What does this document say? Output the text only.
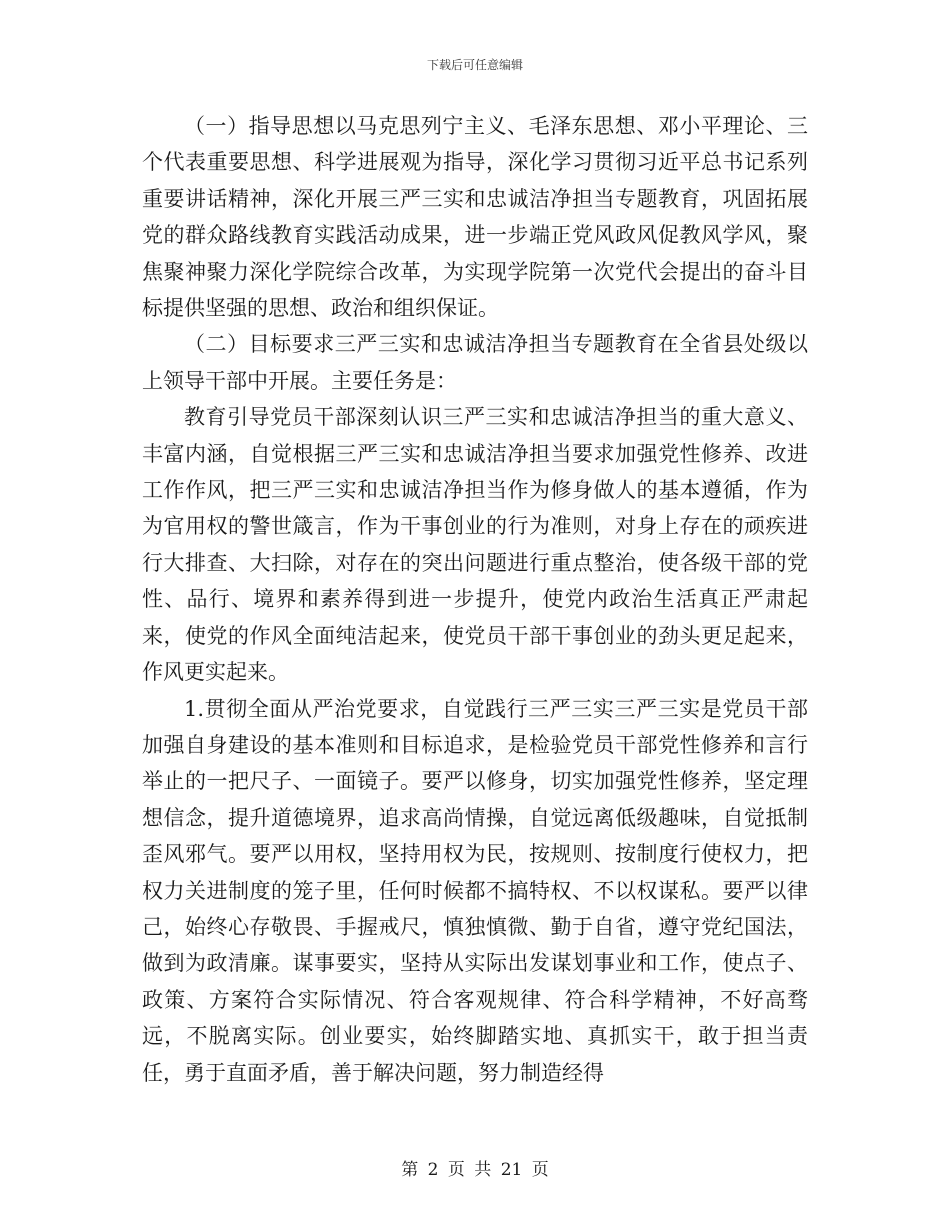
下载后可任意编辑

（一）指导思想以马克思列宁主义、毛泽东思想、邓小平理论、三个代表重要思想、科学进展观为指导，深化学习贯彻习近平总书记系列重要讲话精神，深化开展三严三实和忠诚洁净担当专题教育，巩固拓展党的群众路线教育实践活动成果，进一步端正党风政风促教风学风，聚焦聚神聚力深化学院综合改革，为实现学院第一次党代会提出的奋斗目标提供坚强的思想、政治和组织保证。

（二）目标要求三严三实和忠诚洁净担当专题教育在全省县处级以上领导干部中开展。主要任务是：

教育引导党员干部深刻认识三严三实和忠诚洁净担当的重大意义、丰富内涵，自觉根据三严三实和忠诚洁净担当要求加强党性修养、改进工作作风，把三严三实和忠诚洁净担当作为修身做人的基本遵循，作为为官用权的警世箴言，作为干事创业的行为准则，对身上存在的顽疾进行大排查、大扫除，对存在的突出问题进行重点整治，使各级干部的党性、品行、境界和素养得到进一步提升，使党内政治生活真正严肃起来，使党的作风全面纯洁起来，使党员干部干事创业的劲头更足起来，作风更实起来。

1.贯彻全面从严治党要求，自觉践行三严三实三严三实是党员干部加强自身建设的基本准则和目标追求，是检验党员干部党性修养和言行举止的一把尺子、一面镜子。要严以修身，切实加强党性修养，坚定理想信念，提升道德境界，追求高尚情操，自觉远离低级趣味，自觉抵制歪风邪气。要严以用权，坚持用权为民，按规则、按制度行使权力，把权力关进制度的笼子里，任何时候都不搞特权、不以权谋私。要严以律己，始终心存敬畏、手握戒尺，慎独慎微、勤于自省，遵守党纪国法，做到为政清廉。谋事要实，坚持从实际出发谋划事业和工作，使点子、政策、方案符合实际情况、符合客观规律、符合科学精神，不好高骛远，不脱离实际。创业要实，始终脚踏实地、真抓实干，敢于担当责任，勇于直面矛盾，善于解决问题，努力制造经得

第 2 页 共 21 页
